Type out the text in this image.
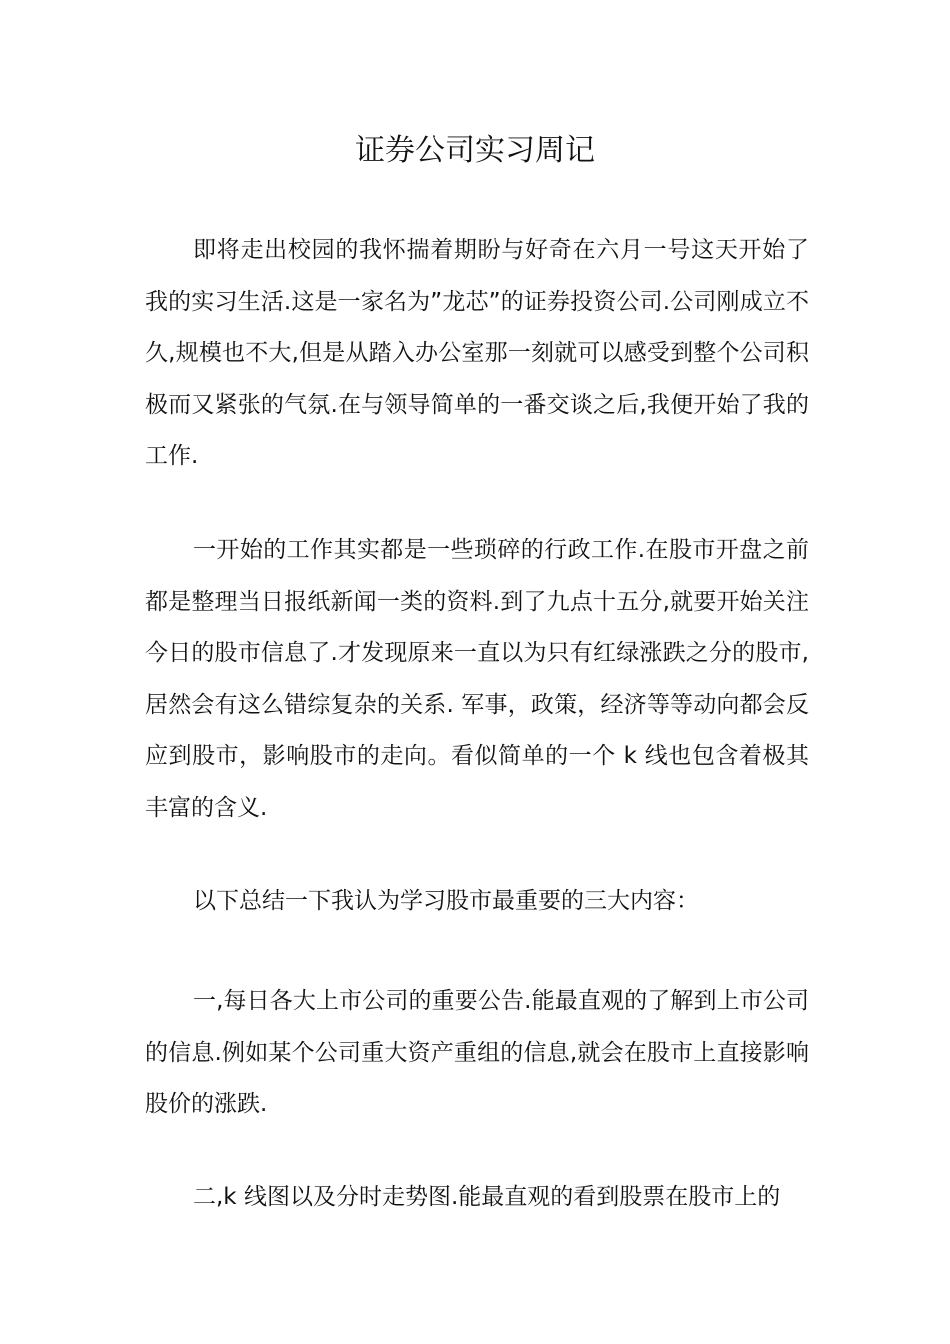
证券公司实习周记

即将走出校园的我怀揣着期盼与好奇在六月一号这天开始了我的实习生活.这是一家名为”龙芯”的证券投资公司.公司刚成立不久,规模也不大,但是从踏入办公室那一刻就可以感受到整个公司积极而又紧张的气氛.在与领导简单的一番交谈之后,我便开始了我的工作.

一开始的工作其实都是一些琐碎的行政工作.在股市开盘之前都是整理当日报纸新闻一类的资料.到了九点十五分,就要开始关注今日的股市信息了.才发现原来一直以为只有红绿涨跌之分的股市,居然会有这么错综复杂的关系. 军事，政策，经济等等动向都会反应到股市，影响股市的走向。看似简单的一个 k 线也包含着极其丰富的含义.

以下总结一下我认为学习股市最重要的三大内容：

一,每日各大上市公司的重要公告.能最直观的了解到上市公司的信息.例如某个公司重大资产重组的信息,就会在股市上直接影响股价的涨跌.

二,k 线图以及分时走势图.能最直观的看到股票在股市上的
